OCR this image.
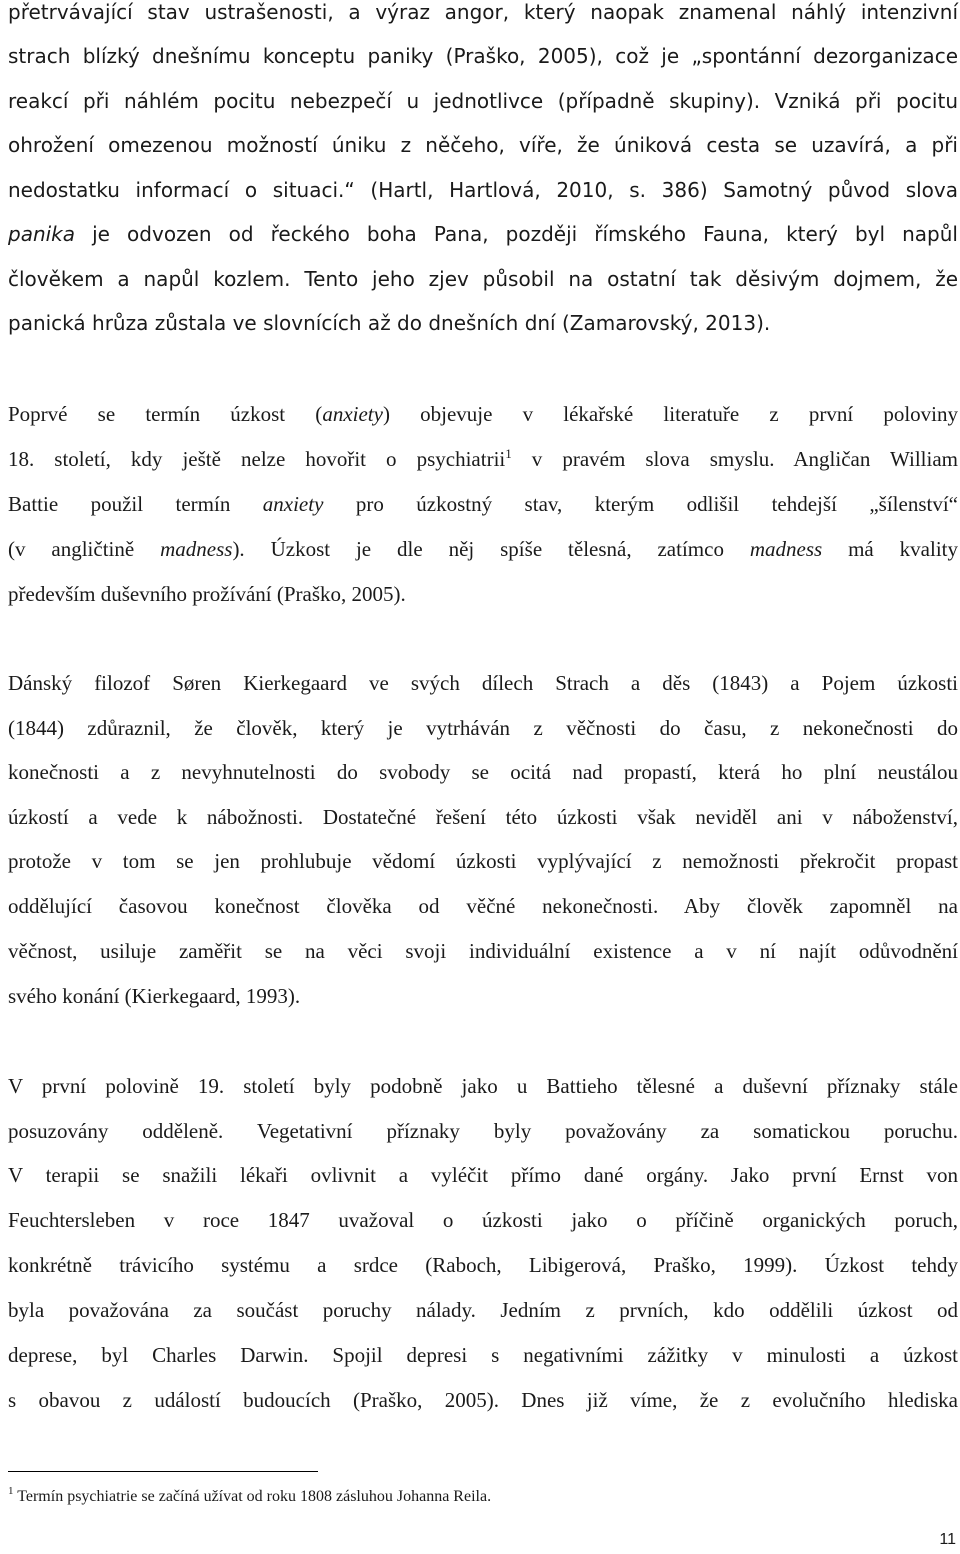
přetrvávající stav ustrašenosti, a výraz angor, který naopak znamenal náhlý intenzivní
strach blízký dnešnímu konceptu paniky (Praško, 2005), což je „spontánní dezorganizace
reakcí při náhlém pocitu nebezpečí u jednotlivce (případně skupiny). Vzniká při pocitu
ohrožení omezenou možností úniku z něčeho, víře, že úniková cesta se uzavírá, a při
nedostatku informací o situaci.“ (Hartl, Hartlová, 2010, s. 386) Samotný původ slova
panika je odvozen od řeckého boha Pana, později římského Fauna, který byl napůl
člověkem a napůl kozlem. Tento jeho zjev působil na ostatní tak děsivým dojmem, že
panická hrůza zůstala ve slovnících až do dnešních dní (Zamarovský, 2013).
Poprvé se termín úzkost (anxiety) objevuje v lékařské literatuře z první poloviny
18. století, kdy ještě nelze hovořit o psychiatrii$^1$ v pravém slova smyslu. Angličan William
Battie použil termín anxiety pro úzkostný stav, kterým odlišil tehdejší „šílenství“
(v angličtině madness). Úzkost je dle něj spíše tělesná, zatímco madness má kvality
především duševního prožívání (Praško, 2005).
Dánský filozof Søren Kierkegaard ve svých dílech Strach a děs (1843) a Pojem úzkosti
(1844) zdůraznil, že člověk, který je vytrháván z věčnosti do času, z nekonečnosti do
konečnosti a z nevyhnutelnosti do svobody se ocitá nad propastí, která ho plní neustálou
úzkostí a vede k nábožnosti. Dostatečné řešení této úzkosti však neviděl ani v náboženství,
protože v tom se jen prohlubuje vědomí úzkosti vyplývající z nemožnosti překročit propast
oddělující časovou konečnost člověka od věčné nekonečnosti. Aby člověk zapomněl na
věčnost, usiluje zaměřit se na věci svoji individuální existence a v ní najít odůvodnění
svého konání (Kierkegaard, 1993).
V první polovině 19. století byly podobně jako u Battieho tělesné a duševní příznaky stále
posuzovány odděleně. Vegetativní příznaky byly považovány za somatickou poruchu.
V terapii se snažili lékaři ovlivnit a vyléčit přímo dané orgány. Jako první Ernst von
Feuchtersleben v roce 1847 uvažoval o úzkosti jako o příčině organických poruch,
konkrétně trávicího systému a srdce (Raboch, Libigerová, Praško, 1999). Úzkost tehdy
byla považována za součást poruchy nálady. Jedním z prvních, kdo oddělili úzkost od
deprese, byl Charles Darwin. Spojil depresi s negativními zážitky v minulosti a úzkost
s obavou z událostí budoucích (Praško, 2005). Dnes již víme, že z evolučního hlediska
$^1$ Termín psychiatrie se začíná užívat od roku 1808 zásluhou Johanna Reila.
11
